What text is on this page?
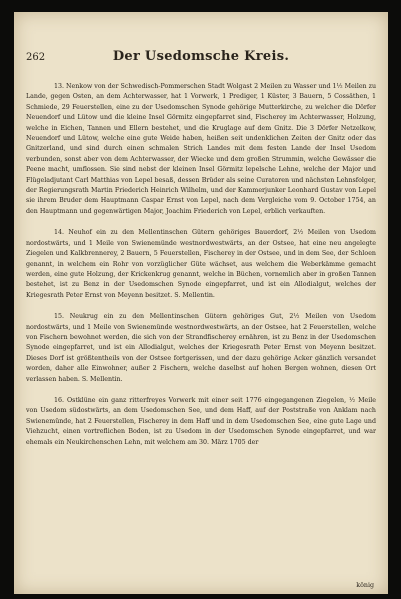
262	Der Usedomsche Kreis.

13. Nenkow von der Schwedisch-Pommerschen Stadt Wolgast 2 Meilen zu Wasser und 1½ Meilen zu Lande, gegen Osten, an dem Achterwasser, hat 1 Vorwerk, 1 Prediger, 1 Küster, 3 Bauern, 5 Cossäthen, 1 Schmiede, 29 Feuerstellen, eine zu der Usedomschen Synode gehörige Mutterkirche, zu welcher die Dörfer Neuendorf und Lütow und die kleine Insel Görmitz eingepfarret sind, Fischerey im Achterwasser, Holzung, welche in Eichen, Tannen und Ellern bestehet, und die Kruglage auf dem Gnitz. Die 3 Dörfer Netzelkow, Neuendorf und Lütow, welche eine gute Weide haben, heißen seit undenklichen Zeiten der Gnitz oder das Gnitzerland, und sind durch einen schmalen Strich Landes mit dem festen Lande der Insel Usedom verbunden, sonst aber von dem Achterwasser, der Wiecke und dem großen Strummin, welche Gewässer die Peene macht, umflossen. Sie sind nebst der kleinen Insel Görmitz lepelsche Lehne, welche der Major und Flügeladjutant Carl Matthias von Lepel besaß, dessen Brüder als seine Curatoren und nächsten Lehnsfolger, der Regierungsrath Martin Friederich Heinrich Wilhelm, und der Kammerjunker Leonhard Gustav von Lepel sie ihrem Bruder dem Hauptmann Caspar Ernst von Lepel, nach dem Vergleiche vom 9. October 1754, an den Hauptmann und gegenwärtigen Major, Joachim Friederich von Lepel, erblich verkauften.

14. Neuhof ein zu den Mellentinschen Gütern gehöriges Bauerdorf, 2½ Meilen von Usedom nordostwärts, und 1 Meile von Swienemünde westnordwestwärts, an der Ostsee, hat eine neu angelegte Ziegelen und Kalkbrennerey, 2 Bauern, 5 Feuerstellen, Fischerey in der Ostsee, und in dem See, der Schloen genannt, in welchem ein Rohr von vorzüglicher Güte wächset, aus welchem die Weberkämme gemacht werden, eine gute Holzung, der Krickenkrug genannt, welche in Büchen, vornemlich aber in großen Tannen bestehet, ist zu Benz in der Usedomschen Synode eingepfarret, und ist ein Allodialgut, welches der Kriegesrath Peter Ernst von Meyenn besitzet. S. Mellentin.

15. Neukrug ein zu den Mellentinschen Gütern gehöriges Gut, 2½ Meilen von Usedom nordostwärts, und 1 Meile von Swienemünde westnordwestwärts, an der Ostsee, hat 2 Feuerstellen, welche von Fischern bewohnet werden, die sich von der Strandfischerey ernähren, ist zu Benz in der Usedomschen Synode eingepfarret, und ist ein Allodialgut, welches der Kriegesrath Peter Ernst von Meyenn besitzet. Dieses Dorf ist größtentheils von der Ostsee fortgerissen, und der dazu gehörige Acker gänzlich versandet worden, daher alle Einwohner, außer 2 Fischern, welche daselbst auf hohen Bergen wohnen, diesen Ort verlassen haben. S. Mellentin.

16. Ostklüne ein ganz ritterfreyes Vorwerk mit einer seit 1776 eingegangenen Ziegelen, ½ Meile von Usedom südostwärts, an dem Usedomschen See, und dem Haff, auf der Poststraße von Anklam nach Swienemünde, hat 2 Feuerstellen, Fischerey in dem Haff und in dem Usedomschen See, eine gute Lage und Viehzucht, einen vortreflichen Boden, ist zu Usedom in der Usedomschen Synode eingepfarret, und war ehemals ein Neukirchenschen Lehn, mit welchem am 30. März 1705 der

könig
